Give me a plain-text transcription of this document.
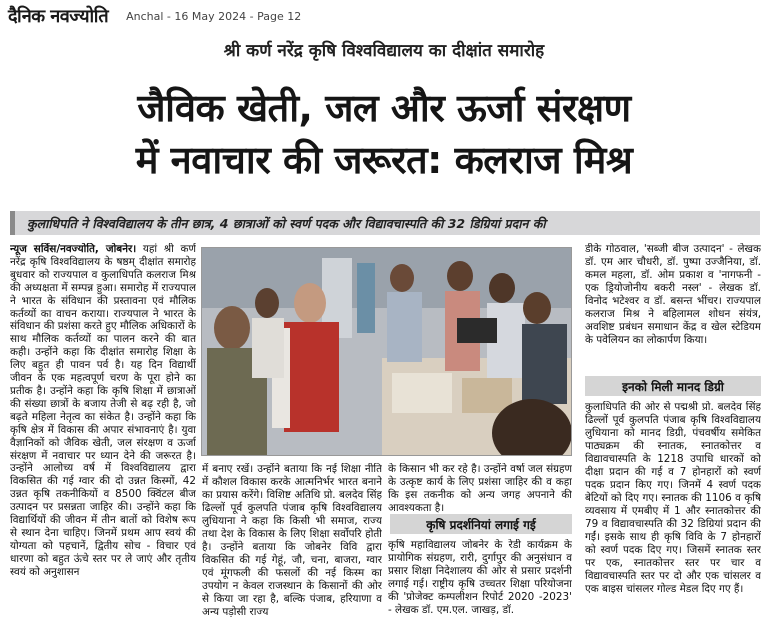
दैनिक नवज्योति Anchal - 16 May 2024 - Page 12
श्री कर्ण नरेंद्र कृषि विश्वविद्यालय का दीक्षांत समारोह
जैविक खेती, जल और ऊर्जा संरक्षण
में नवाचार की जरूरत: कलराज मिश्र
कुलाधिपति ने विश्वविद्यालय के तीन छात्र, 4 छात्राओं को स्वर्ण पदक और विद्यावचास्पति की 32 डिग्रियां प्रदान की
न्यूज सर्विस/नवज्योति, जोबनेर। यहां श्री कर्ण नरेंद्र कृषि विश्वविद्यालय के षष्ठम् दीक्षांत समारोह बुधवार को राज्यपाल व कुलाधिपति कलराज मिश्र की अध्यक्षता में सम्पन्न हुआ। समारोह में राज्यपाल ने भारत के संविधान की प्रस्तावना एवं मौलिक कर्तव्यों का वाचन कराया। राज्यपाल ने भारत के संविधान की प्रशंसा करते हुए मौलिक अधिकारों के साथ मौलिक कर्तव्यों का पालन करने की बात कही। उन्होंने कहा कि दीक्षांत समारोह शिक्षा के लिए बहुत ही पावन पर्व है। यह दिन विद्यार्थी जीवन के एक महत्वपूर्ण चरण के पूरा होने का प्रतीक है। उन्होंने कहा कि कृषि शिक्षा में छात्राओं की संख्या छात्रों के बजाय तेजी से बढ़ रही है, जो बढ़ते महिला नेतृत्व का संकेत है। उन्होंने कहा कि कृषि क्षेत्र में विकास की अपार संभावनाएं है। युवा वैज्ञानिकों को जैविक खेती, जल संरक्षण व ऊर्जा संरक्षण में नवाचार पर ध्यान देने की जरूरत है। उन्होंने आलोच्य वर्ष में विश्वविद्यालय द्वारा विकसित की गई ग्वार की दो उन्नत किस्मों, 42 उन्नत कृषि तकनीकियों व 8500 क्विंटल बीज उत्पादन पर प्रसन्नता जाहिर की। उन्होंने कहा कि विद्यार्थियों की जीवन में तीन बातों को विशेष रूप से स्थान देना चाहिए। जिनमें प्रथम आप स्वयं की योग्यता को पहचानें, द्वितीय सोच - विचार एवं धारणा को बहुत ऊंचे स्तर पर ले जाएं और तृतीय स्वयं को अनुशासन
में बनाए रखें। उन्होंने बताया कि नई शिक्षा नीति में कौशल विकास करके आत्मनिर्भर भारत बनाने का प्रयास करेंगे। विशिष्ट अतिथि प्रो. बलदेव सिंह ढिल्लों पूर्व कुलपति पंजाब कृषि विश्वविद्यालय लुधियाना ने कहा कि किसी भी समाज, राज्य तथा देश के विकास के लिए शिक्षा सर्वोपरि होती है। उन्होंने बताया कि जोबनेर विवि द्वारा विकसित की गई गेहूं, जौ, चना, बाजरा, ग्वार एवं मूंगफली की फसलों की नई किस्म का उपयोग न केवल राजस्थान के किसानों की ओर से किया जा रहा है, बल्कि पंजाब, हरियाणा व अन्य पड़ोसी राज्य
के किसान भी कर रहे है। उन्होंने वर्षा जल संग्रहण के उत्कृष्ट कार्य के लिए प्रशंसा जाहिर की व कहा कि इस तकनीक को अन्य जगह अपनाने की आवश्यकता है।
कृषि प्रदर्शनियां लगाई गई
कृषि महाविद्यालय जोबनेर के रेडी कार्यक्रम के प्रायोगिक संग्रहण, रारी, दुर्गापुर की अनुसंधान व प्रसार शिक्षा निदेशालय की ओर से प्रसार प्रदर्शनी लगाई गई। राष्ट्रीय कृषि उच्चतर शिक्षा परियोजना की 'प्रोजेक्ट कम्पलीशन रिपोर्ट 2020 -2023' - लेखक डॉ. एम.एल. जाखड़, डॉ.
डीके गोठवाल, 'सब्जी बीज उत्पादन' - लेखक डॉ. एम आर चौधरी, डॉ. पुष्पा उज्जैनिया, डॉ. कमल महला, डॉ. ओम प्रकाश व 'नागफनी - एक ड्रियोजोनीय बकरी नस्ल' - लेखक डॉ. विनोद भटेश्वर व डॉ. बसन्त भींचर। राज्यपाल कलराज मिश्र ने बहिलामल शोधन संयंत्र, अवशिष्ट प्रबंधन समाधान केंद्र व खेल स्टेडियम के पवेलियन का लोकार्पण किया।
इनको मिली मानद डिग्री
कुलाधिपति की ओर से पद्मश्री प्रो. बलदेव सिंह ढिल्लों पूर्व कुलपति पंजाब कृषि विश्वविद्यालय लुधियाना को मानद डिग्री, पंचवर्षीय समेकित पाठ्यक्रम की स्नातक, स्नातकोत्तर व विद्यावचास्पति के 1218 उपाधि धारकों को दीक्षा प्रदान की गई व 7 होनहारों को स्वर्ण पदक प्रदान किए गए। जिनमें 4 स्वर्ण पदक बेटियों को दिए गए। स्नातक की 1106 व कृषि व्यवसाय में एमबीए में 1 और स्नातकोत्तर की 79 व विद्यावचास्पति की 32 डिग्रियां प्रदान की गईं। इसके साथ ही कृषि विवि के 7 होनहारों को स्वर्ण पदक दिए गए। जिसमें स्नातक स्तर पर एक, स्नातकोत्तर स्तर पर चार व विद्यावचास्पति स्तर पर दो और एक चांसलर व एक बाइस चांसलर गोल्ड मेडल दिए गए हैं।
